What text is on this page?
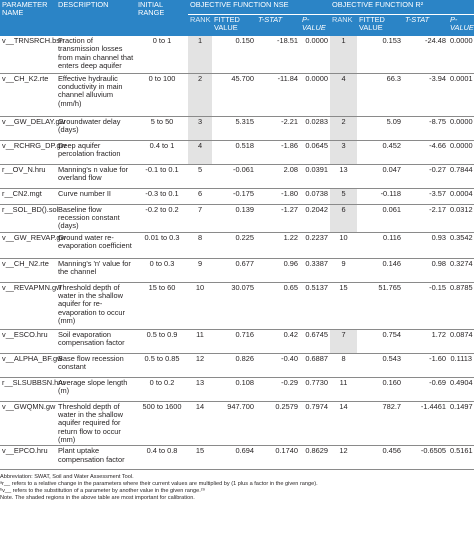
PARAMETER NAME	DESCRIPTION	INITIAL RANGE	OBJECTIVE FUNCTION NSE				OBJECTIVE FUNCTION R²			
			RANK	FITTED VALUE	T-STAT	P-VALUE	RANK	FITTED VALUE	T-STAT	P-VALUE
v__TRNSRCH.bsn	Fraction of transmission losses from main channel that enters deep aquifer	0 to 1	1	0.150	-18.51	0.0000	1	0.153	-24.48	0.0000
v__CH_K2.rte	Effective hydraulic conductivity in main channel alluvium (mm/h)	0 to 100	2	45.700	-11.84	0.0000	4	66.3	-3.94	0.0001
v__GW_DELAY.gw	Groundwater delay (days)	5 to 50	3	5.315	-2.21	0.0283	2	5.09	-8.75	0.0000
v__RCHRG_DP.gw	Deep aquifer percolation fraction	0.4 to 1	4	0.518	-1.86	0.0645	3	0.452	-4.66	0.0000
r__OV_N.hru	Manning's n value for overland flow	-0.1 to 0.1	5	-0.061	2.08	0.0391	13	0.047	-0.27	0.7844
r__CN2.mgt	Curve number II	-0.3 to 0.1	6	-0.175	-1.80	0.0738	5	-0.118	-3.57	0.0004
r__SOL_BD().sol	Baseline flow recession constant (days)	-0.2 to 0.2	7	0.139	-1.27	0.2042	6	0.061	-2.17	0.0312
v__GW_REVAP.gw	Ground water re-evaporation coefficient	0.01 to 0.3	8	0.225	1.22	0.2237	10	0.116	0.93	0.3542
v__CH_N2.rte	Manning's 'n' value for the channel	0 to 0.3	9	0.677	0.96	0.3387	9	0.146	0.98	0.3274
v__REVAPMN.gw	Threshold depth of water in the shallow aquifer for re-evaporation to occur (mm)	15 to 60	10	30.075	0.65	0.5137	15	51.765	-0.15	0.8785
v__ESCO.hru	Soil evaporation compensation factor	0.5 to 0.9	11	0.716	0.42	0.6745	7	0.754	1.72	0.0874
v__ALPHA_BF.gw	Base flow recession constant	0.5 to 0.85	12	0.826	-0.40	0.6887	8	0.543	-1.60	0.1113
r__SLSUBBSN.hru	Average slope length (m)	0 to 0.2	13	0.108	-0.29	0.7730	11	0.160	-0.69	0.4904
v__GWQMN.gw	Threshold depth of water in the shallow aquifer required for return flow to occur (mm)	500 to 1600	14	947.700	0.2579	0.7974	14	782.7	-1.4461	0.1497
v__EPCO.hru	Plant uptake compensation factor	0.4 to 0.8	15	0.694	0.1740	0.8629	12	0.456	-0.6505	0.5161
Abbreviation: SWAT, Soil and Water Assessment Tool.
ᵃr__ refers to a relative change in the parameters where their current values are multiplied by (1 plus a factor in the given range).
ᵇv__ refers to the substitution of a parameter by another value in the given range.²⁹
Note. The shaded regions in the above table are most important for calibration.
